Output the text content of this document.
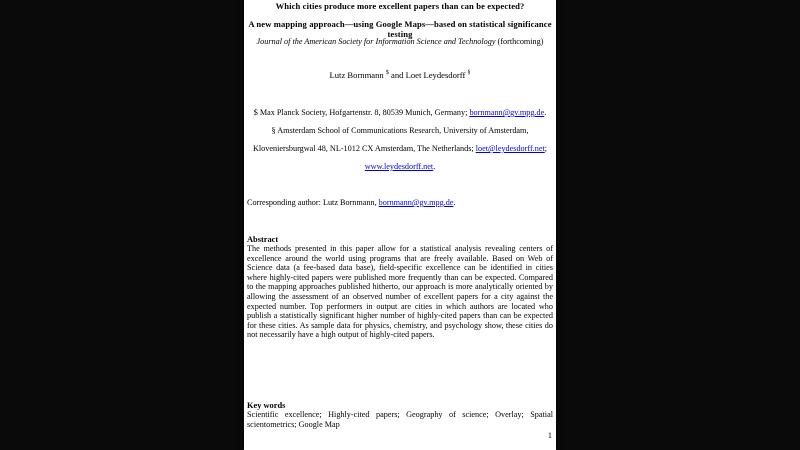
Which cities produce more excellent papers than can be expected?
A new mapping approach—using Google Maps—based on statistical significance testing
Journal of the American Society for Information Science and Technology (forthcoming)
Lutz Bornmann $ and Loet Leydesdorff §
$ Max Planck Society, Hofgartenstr. 8, 80539 Munich, Germany; bornmann@gv.mpg.de.
§ Amsterdam School of Communications Research, University of Amsterdam,
Kloveniersburgwal 48, NL-1012 CX Amsterdam, The Netherlands; loet@leydesdorff.net;
www.leydesdorff.net.
Corresponding author: Lutz Bornmann, bornmann@gv.mpg.de.
Abstract
The methods presented in this paper allow for a statistical analysis revealing centers of excellence around the world using programs that are freely available. Based on Web of Science data (a fee-based data base), field-specific excellence can be identified in cities where highly-cited papers were published more frequently than can be expected. Compared to the mapping approaches published hitherto, our approach is more analytically oriented by allowing the assessment of an observed number of excellent papers for a city against the expected number. Top performers in output are cities in which authors are located who publish a statistically significant higher number of highly-cited papers than can be expected for these cities. As sample data for physics, chemistry, and psychology show, these cities do not necessarily have a high output of highly-cited papers.
Key words
Scientific excellence; Highly-cited papers; Geography of science; Overlay; Spatial scientometrics; Google Map
1
